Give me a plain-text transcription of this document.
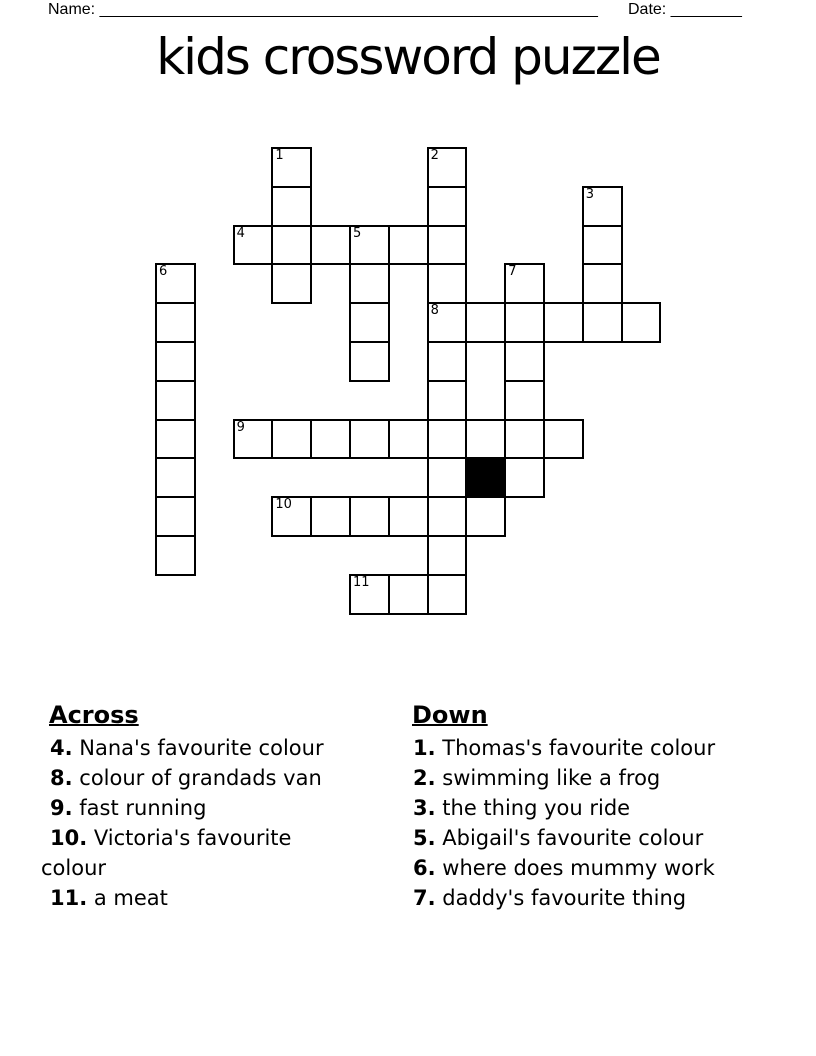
Name: ________________________________________________________ Date: ________
kids crossword puzzle
1	2
3
4	5
6	7
8
9
10
11
Across

4. Nana's favourite colour

8. colour of grandads van

9. fast running

10. Victoria's favourite colour

11. a meat

Down

1. Thomas's favourite colour

2. swimming like a frog

3. the thing you ride

5. Abigail's favourite colour

6. where does mummy work

7. daddy's favourite thing
